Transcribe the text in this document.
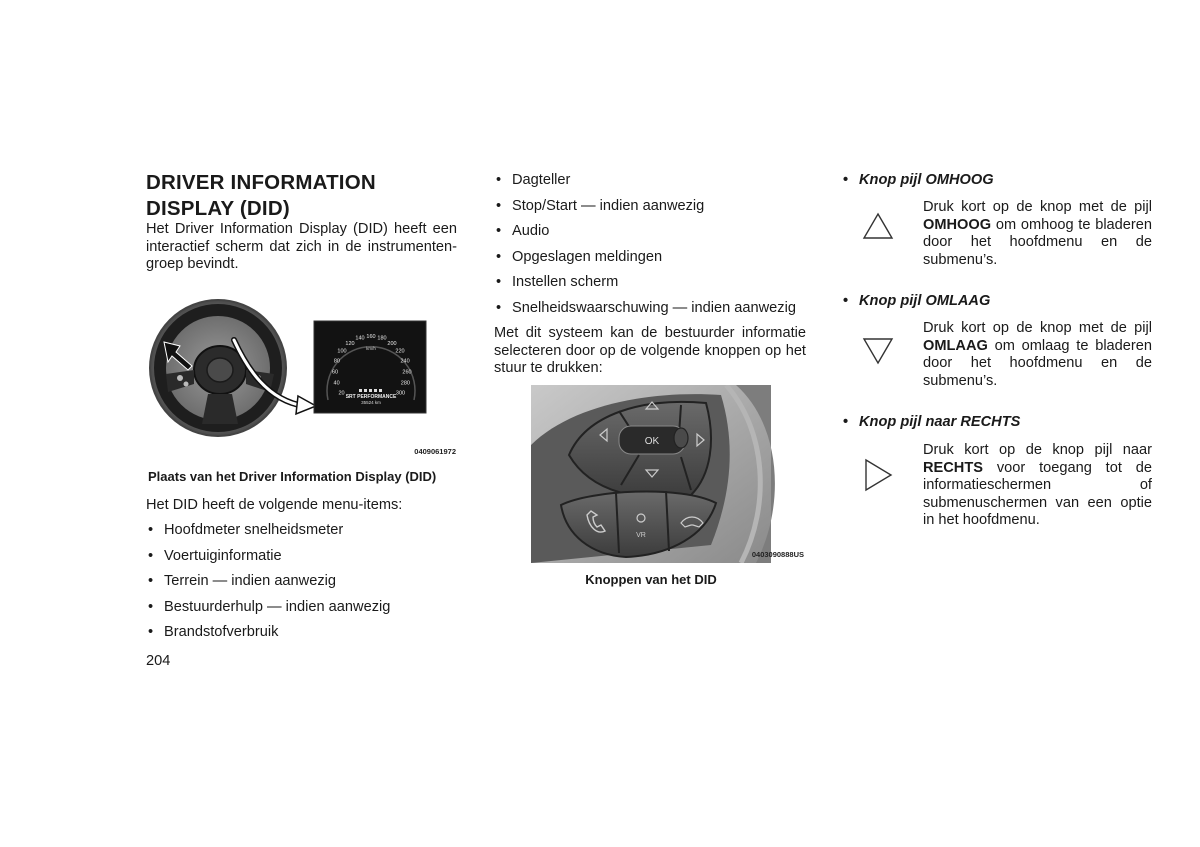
DRIVER INFORMATION
DISPLAY (DID)
Het Driver Information Display (DID) heeft een interactief scherm dat zich in de instrumenten-groep bevindt.
20
40
60
80
100
120
140 160 180
200
220
240
260
280
300
km/h
SRT PERFORMANCE
35524 km
0409061972
Plaats van het Driver Information Display (DID)
Het DID heeft de volgende menu-items:
• Hoofdmeter snelheidsmeter
• Voertuiginformatie
• Terrein — indien aanwezig
• Bestuurderhulp — indien aanwezig
• Brandstofverbruik
204
• Dagteller
• Stop/Start — indien aanwezig
• Audio
• Opgeslagen meldingen
• Instellen scherm
• Snelheidswaarschuwing — indien aanwezig
Met dit systeem kan de bestuurder informatie selecteren door op de volgende knoppen op het stuur te drukken:
OK
VR
0403090888US
Knoppen van het DID
• Knop pijl OMHOOG
Druk kort op de knop met de pijl OMHOOG om omhoog te bladeren door het hoofdmenu en de submenu’s.
• Knop pijl OMLAAG
Druk kort op de knop met de pijl OMLAAG om omlaag te bladeren door het hoofdmenu en de submenu’s.
• Knop pijl naar RECHTS
Druk kort op de knop pijl naar RECHTS voor toegang tot de informatieschermen of submenuschermen van een optie in het hoofdmenu.
